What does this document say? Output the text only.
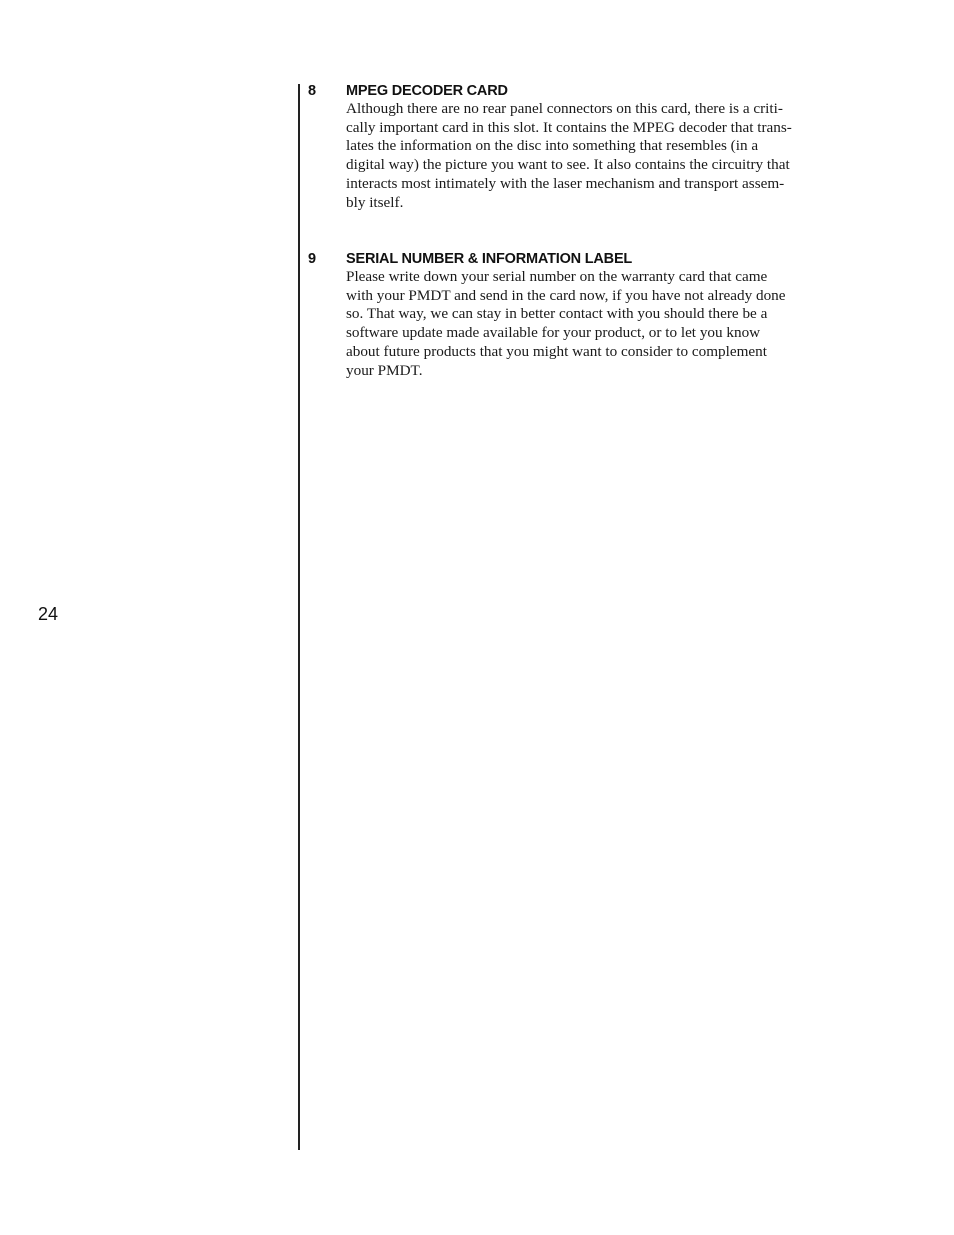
24
8	MPEG DECODER CARD
Although there are no rear panel connectors on this card, there is a criti-
cally important card in this slot. It contains the MPEG decoder that trans-
lates the information on the disc into something that resembles (in a
digital way) the picture you want to see. It also contains the circuitry that
interacts most intimately with the laser mechanism and transport assem-
bly itself.
9	SERIAL NUMBER & INFORMATION LABEL
Please write down your serial number on the warranty card that came
with your PMDT and send in the card now, if you have not already done
so. That way, we can stay in better contact with you should there be a
software update made available for your product, or to let you know
about future products that you might want to consider to complement
your PMDT.
